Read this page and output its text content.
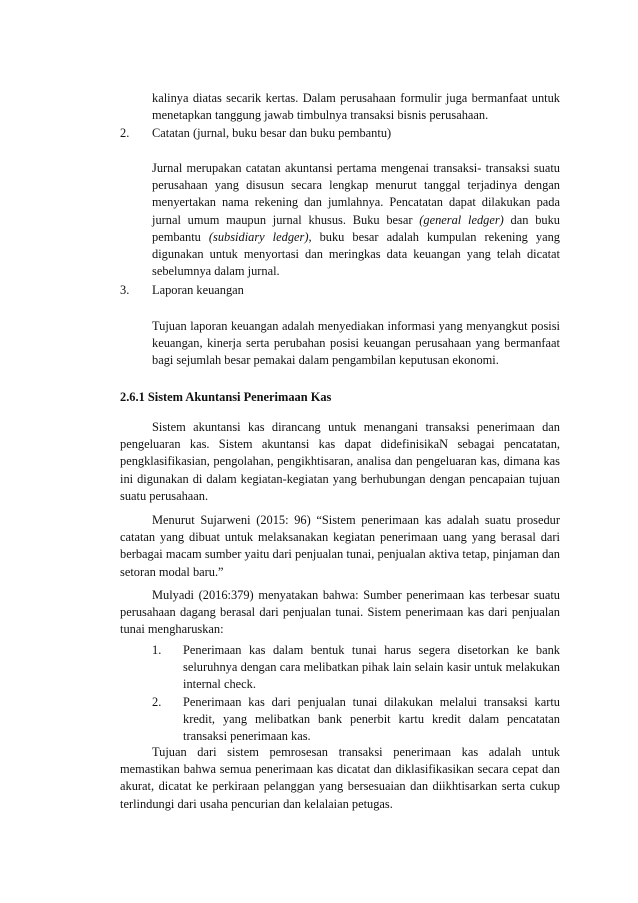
kalinya diatas secarik kertas. Dalam perusahaan formulir juga bermanfaat untuk menetapkan tanggung jawab timbulnya transaksi bisnis perusahaan.

2. Catatan (jurnal, buku besar dan buku pembantu)

Jurnal merupakan catatan akuntansi pertama mengenai transaksi- transaksi suatu perusahaan yang disusun secara lengkap menurut tanggal terjadinya dengan menyertakan nama rekening dan jumlahnya. Pencatatan dapat dilakukan pada jurnal umum maupun jurnal khusus. Buku besar (general ledger) dan buku pembantu (subsidiary ledger), buku besar adalah kumpulan rekening yang digunakan untuk menyortasi dan meringkas data keuangan yang telah dicatat sebelumnya dalam jurnal.

3. Laporan keuangan

Tujuan laporan keuangan adalah menyediakan informasi yang menyangkut posisi keuangan, kinerja serta perubahan posisi keuangan perusahaan yang bermanfaat bagi sejumlah besar pemakai dalam pengambilan keputusan ekonomi.

2.6.1 Sistem Akuntansi Penerimaan Kas

Sistem akuntansi kas dirancang untuk menangani transaksi penerimaan dan pengeluaran kas. Sistem akuntansi kas dapat didefinisikaN sebagai pencatatan, pengklasifikasian, pengolahan, pengikhtisaran, analisa dan pengeluaran kas, dimana kas ini digunakan di dalam kegiatan-kegiatan yang berhubungan dengan pencapaian tujuan suatu perusahaan.

Menurut Sujarweni (2015: 96) “Sistem penerimaan kas adalah suatu prosedur catatan yang dibuat untuk melaksanakan kegiatan penerimaan uang yang berasal dari berbagai macam sumber yaitu dari penjualan tunai, penjualan aktiva tetap, pinjaman dan setoran modal baru.”

Mulyadi (2016:379) menyatakan bahwa: Sumber penerimaan kas terbesar suatu perusahaan dagang berasal dari penjualan tunai. Sistem penerimaan kas dari penjualan tunai mengharuskan:

1. Penerimaan kas dalam bentuk tunai harus segera disetorkan ke bank seluruhnya dengan cara melibatkan pihak lain selain kasir untuk melakukan internal check.

2. Penerimaan kas dari penjualan tunai dilakukan melalui transaksi kartu kredit, yang melibatkan bank penerbit kartu kredit dalam pencatatan transaksi penerimaan kas.

Tujuan dari sistem pemrosesan transaksi penerimaan kas adalah untuk memastikan bahwa semua penerimaan kas dicatat dan diklasifikasikan secara cepat dan akurat, dicatat ke perkiraan pelanggan yang bersesuaian dan diikhtisarkan serta cukup terlindungi dari usaha pencurian dan kelalaian petugas.
